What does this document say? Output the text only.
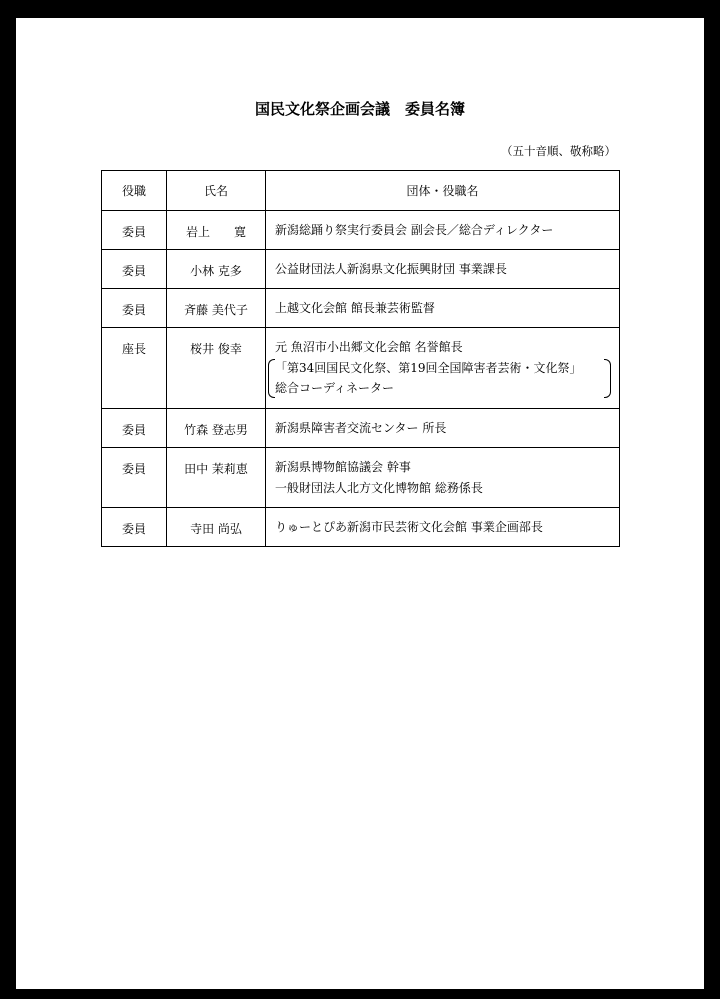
国民文化祭企画会議　委員名簿
（五十音順、敬称略）
役職	氏名	団体・役職名
委員	岩上　　寛	新潟総踊り祭実行委員会 副会長／総合ディレクター

委員	小林 克多	公益財団法人新潟県文化振興財団 事業課長

委員	斉藤 美代子	上越文化会館 館長兼芸術監督

座長	桜井 俊幸	元 魚沼市小出郷文化会館 名誉館長
「第34回国民文化祭、第19回全国障害者芸術・文化祭」
総合コーディネーター

委員	竹森 登志男	新潟県障害者交流センター 所長

委員	田中 茉莉恵	新潟県博物館協議会 幹事
一般財団法人北方文化博物館 総務係長

委員	寺田 尚弘	りゅーとぴあ新潟市民芸術文化会館 事業企画部長
